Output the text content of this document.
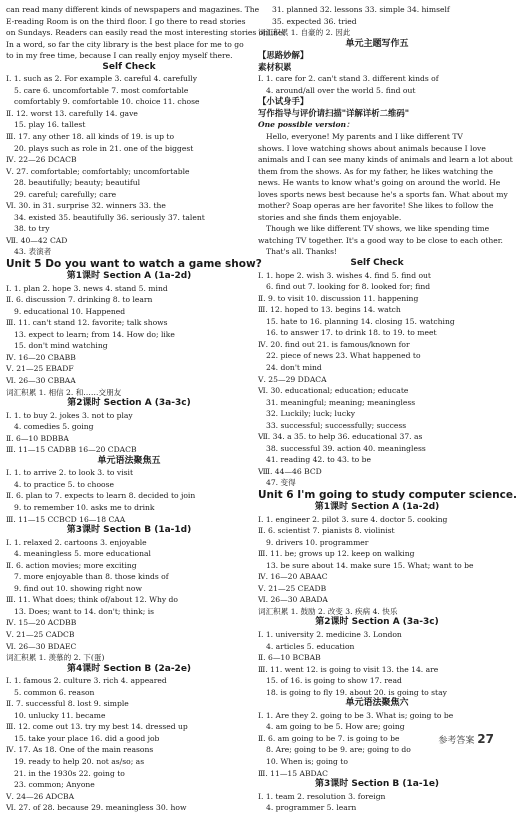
can read many different kinds of newspapers and magazines. The
E-reading Room is on the third floor. I go there to read stories
on Sundays. Readers can easily read the most interesting stories online.
In a word, so far the city library is the best place for me to go
to in my free time, because I can really enjoy myself there.
Self Check
Ⅰ. 1. such as 2. For example 3. careful 4. carefully
5. care 6. uncomfortable 7. most comfortable
comfortably 9. comfortable 10. choice 11. chose
Ⅱ. 12. worst 13. carefully 14. gave
15. play 16. tallest
Ⅲ. 17. any other 18. all kinds of 19. is up to
20. plays such as role in 21. one of the biggest
Ⅳ. 22—26 DCACB
Ⅴ. 27. comfortable; comfortably; uncomfortable
28. beautifully; beauty; beautiful
29. careful; carefully; care
Ⅵ. 30. in 31. surprise 32. winners 33. the
34. existed 35. beautifully 36. seriously 37. talent
38. to try
Ⅶ. 40—42 CAD
43. 表演者
Unit 5 Do you want to watch a game show?
第1课时 Section A (1a-2d)
Ⅰ. 1. plan 2. hope 3. news 4. stand 5. mind
Ⅱ. 6. discussion 7. drinking 8. to learn
9. educational 10. Happened
Ⅲ. 11. can't stand 12. favorite; talk shows
13. expect to learn; from 14. How do; like
15. don't mind watching
Ⅳ. 16—20 CBABB
Ⅴ. 21—25 EBADF
Ⅵ. 26—30 CBBAA
词汇积累 1. 相信 2. 和……交朋友
第2课时 Section A (3a-3c)
Ⅰ. 1. to buy 2. jokes 3. not to play
4. comedies 5. going
Ⅱ. 6—10 BDBBA
Ⅲ. 11—15 CADBB 16—20 CDACB
单元语法聚焦五
Ⅰ. 1. to arrive 2. to look 3. to visit
4. to practice 5. to choose
Ⅱ. 6. plan to 7. expects to learn 8. decided to join
9. to remember 10. asks me to drink
Ⅲ. 11—15 CCBCD 16—18 CAA
第3课时 Section B (1a-1d)
Ⅰ. 1. relaxed 2. cartoons 3. enjoyable
4. meaningless 5. more educational
Ⅱ. 6. action movies; more exciting
7. more enjoyable than 8. those kinds of
9. find out 10. showing right now
Ⅲ. 11. What does; think of/about 12. Why do
13. Does; want to 14. don't; think; is
Ⅳ. 15—20 ACDBB
Ⅴ. 21—25 CADCB
Ⅵ. 26—30 BDAEC
词汇积累 1. 羡慕的 2. 下(蛋)
第4课时 Section B (2a-2e)
Ⅰ. 1. famous 2. culture 3. rich 4. appeared
5. common 6. reason
Ⅱ. 7. successful 8. lost 9. simple
10. unlucky 11. became
Ⅲ. 12. come out 13. try my best 14. dressed up
15. take your place 16. did a good job
Ⅳ. 17. As 18. One of the main reasons
19. ready to help 20. not as/so; as
21. in the 1930s 22. going to
23. common; Anyone
Ⅴ. 24—26 ADCBA
Ⅵ. 27. of 28. because 29. meaningless 30. how
31. planned 32. lessons 33. simple 34. himself
35. expected 36. tried
词汇积累 1. 自豪的 2. 因此
单元主题写作五
【思路妙解】
素材积累
Ⅰ. 1. care for 2. can't stand 3. different kinds of
4. around/all over the world 5. find out
【小试身手】
写作指导与评价请扫描"详解详析二维码"
One possible version：
Hello, everyone! My parents and I like different TV
shows. I love watching shows about animals because I love
animals and I can see many kinds of animals and learn a lot about
them from the shows. As for my father, he likes watching the
news. He wants to know what's going on around the world. He
loves sports news best because he's a sports fan. What about my
mother? Soap operas are her favorite! She likes to follow the
stories and she finds them enjoyable.
Though we like different TV shows, we like spending time
watching TV together. It's a good way to be close to each other.
That's all. Thanks!
Self Check
Ⅰ. 1. hope 2. wish 3. wishes 4. find 5. find out
6. find out 7. looking for 8. looked for; find
Ⅱ. 9. to visit 10. discussion 11. happening
Ⅲ. 12. hoped to 13. begins 14. watch
15. hate to 16. planning 14. closing 15. watching
16. to answer 17. to drink 18. to 19. to meet
Ⅳ. 20. find out 21. is famous/known for
22. piece of news 23. What happened to
24. don't mind
Ⅴ. 25—29 DDACA
Ⅵ. 30. educational; education; educate
31. meaningful; meaning; meaningless
32. Luckily; luck; lucky
33. successful; successfully; success
Ⅶ. 34. a 35. to help 36. educational 37. as
38. successful 39. action 40. meaningless
41. reading 42. to 43. to be
Ⅷ. 44—46 BCD
47. 变得
Unit 6 I'm going to study computer science.
第1课时 Section A (1a-2d)
Ⅰ. 1. engineer 2. pilot 3. sure 4. doctor 5. cooking
Ⅱ. 6. scientist 7. pianists 8. violinist
9. drivers 10. programmer
Ⅲ. 11. be; grows up 12. keep on walking
13. be sure about 14. make sure 15. What; want to be
Ⅳ. 16—20 ABAAC
Ⅴ. 21—25 CEADB
Ⅵ. 26—30 ABADA
词汇积累 1. 鼓励 2. 改变 3. 疾病 4. 快乐
第2课时 Section A (3a-3c)
Ⅰ. 1. university 2. medicine 3. London
4. articles 5. education
Ⅱ. 6—10 BCBAB
Ⅲ. 11. went 12. is going to visit 13. the 14. are
15. of 16. is going to show 17. read
18. is going to fly 19. about 20. is going to stay
单元语法聚焦六
Ⅰ. 1. Are they 2. going to be 3. What is; going to be
4. am going to be 5. How are; going
Ⅱ. 6. am going to be 7. is going to be
8. Are; going to be 9. are; going to do
10. When is; going to
Ⅲ. 11—15 ABDAC
第3课时 Section B (1a-1e)
Ⅰ. 1. team 2. resolution 3. foreign
4. programmer 5. learn
参考答案 27
